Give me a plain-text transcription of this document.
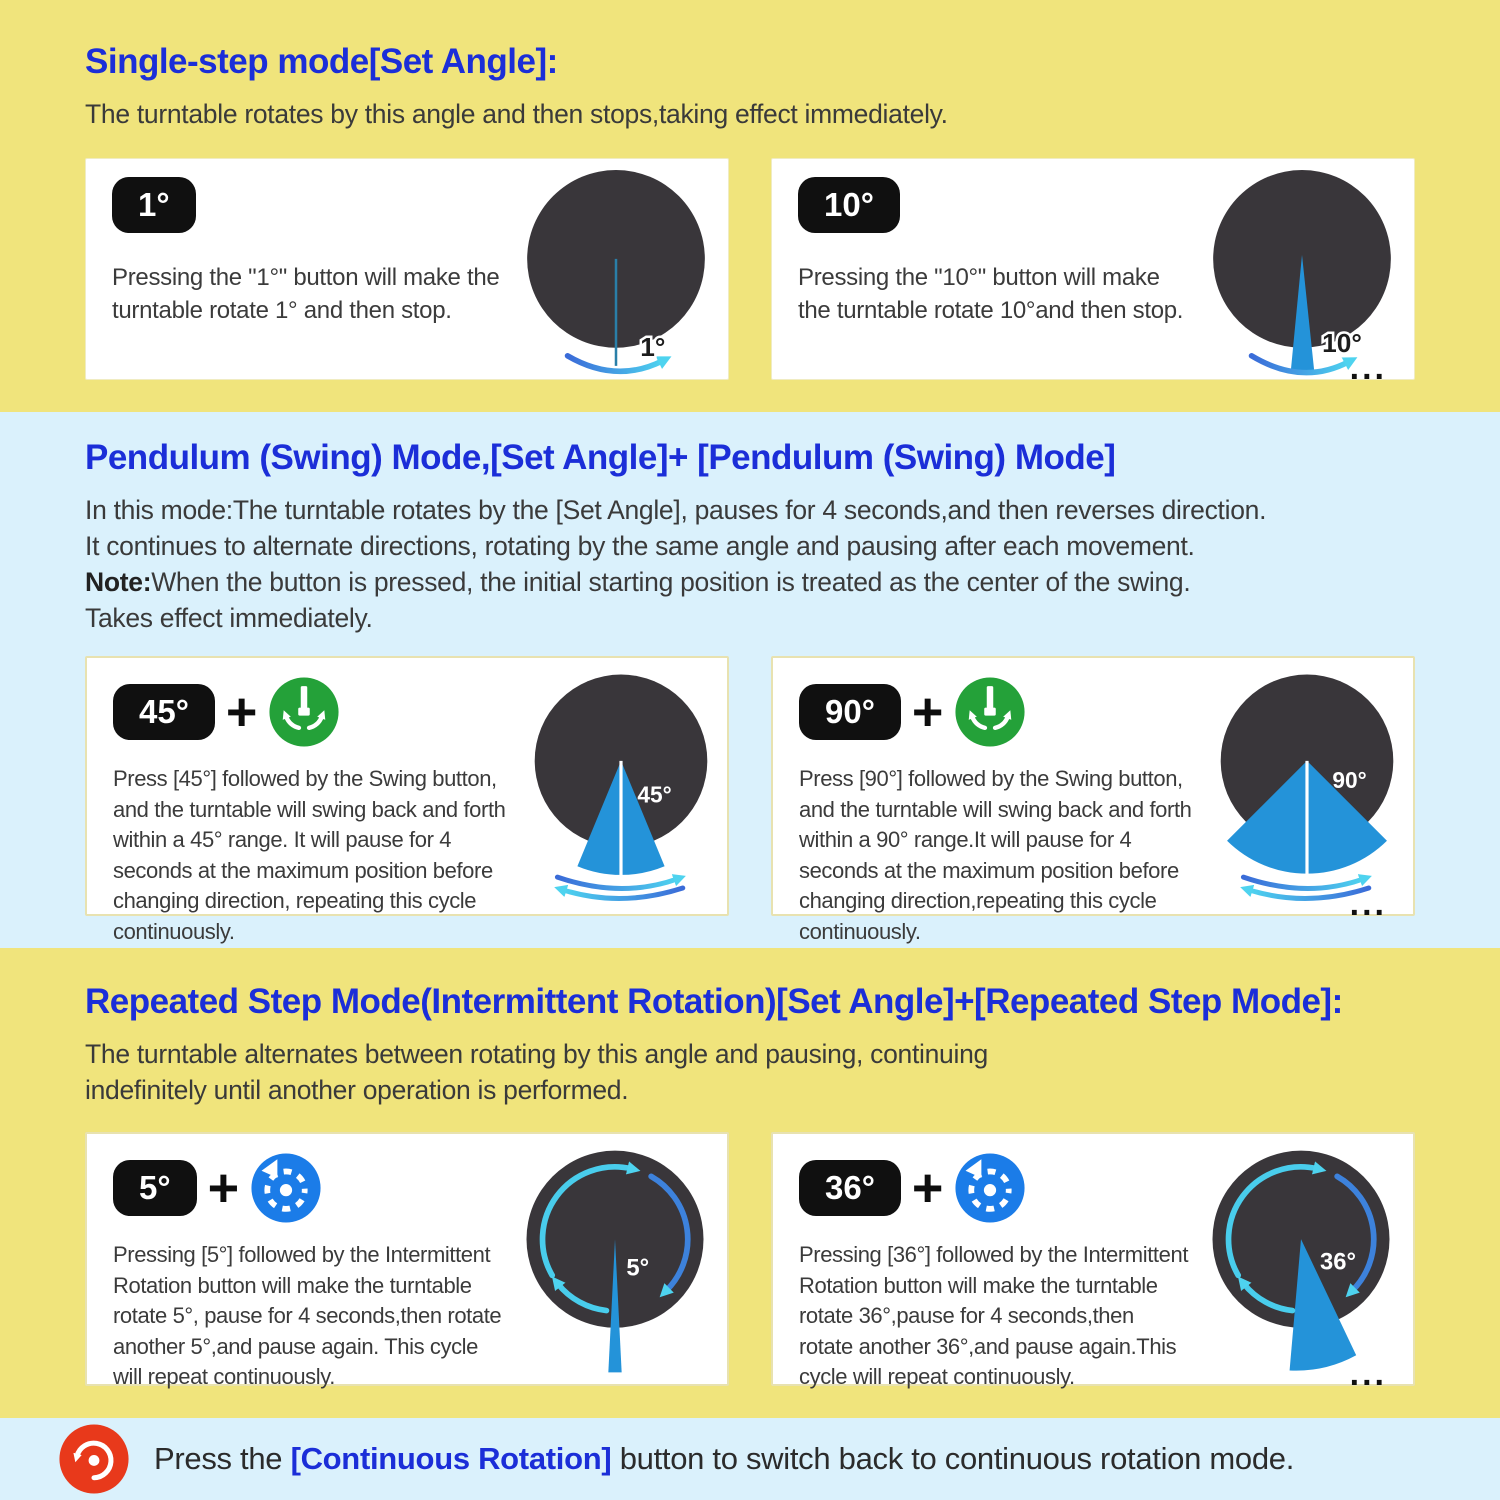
Single-step mode[Set Angle]:
The turntable rotates by this angle and then stops,taking effect immediately.
1°
Pressing the "1°" button will make the turntable rotate 1° and then stop.
1°
10°
Pressing the "10°" button will make the turntable rotate 10°and then stop.
10°
...
Pendulum (Swing) Mode,[Set Angle]+ [Pendulum (Swing) Mode]
In this mode:The turntable rotates by the [Set Angle], pauses for 4 seconds,and then reverses direction.
It continues to alternate directions, rotating by the same angle and pausing after each movement.
Note:When the button is pressed, the initial starting position is treated as the center of the swing.
Takes effect immediately.
45° +
Press [45°] followed by the Swing button, and the turntable will swing back and forth within a 45° range. It will pause for 4 seconds at the maximum position before changing direction, repeating this cycle continuously.
45°
90° +
Press [90°] followed by the Swing button, and the turntable will swing back and forth within a 90° range.It will pause for 4 seconds at the maximum position before changing direction,repeating this cycle continuously.
90°
...
Repeated Step Mode(Intermittent Rotation)[Set Angle]+[Repeated Step Mode]:
The turntable alternates between rotating by this angle and pausing, continuing
indefinitely until another operation is performed.
5° +
Pressing [5°] followed by the Intermittent Rotation button will make the turntable rotate 5°, pause for 4 seconds,then rotate another 5°,and pause again. This cycle will repeat continuously.
5°
36° +
Pressing [36°] followed by the Intermittent Rotation button will make the turntable rotate 36°,pause for 4 seconds,then rotate another 36°,and pause again.This cycle will repeat continuously.
36°
...
Press the [Continuous Rotation] button to switch back to continuous rotation mode.
